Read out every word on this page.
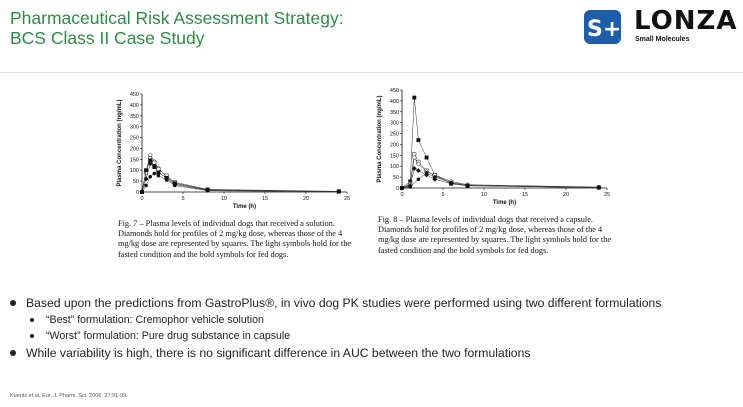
Pharmaceutical Risk Assessment Strategy:
BCS Class II Case Study	S+ LONZA
Small Molecules
0
50
100
150
200
250
300
350
400
450
0	5	10	15	20	25
Time (h)
Plasma Concentration (ng/mL)
Fig. 7 – Plasma levels of individual dogs that received a solution. Diamonds hold for profiles of 2 mg/kg dose, whereas those of the 4 mg/kg dose are represented by squares. The light symbols hold for the fasted condition and the bold symbols for fed dogs.
0
50
100
150
200
250
300
350
400
450
0	5	10	15	20	25
Time (h)
Plasma Concentration (ng/mL)
Fig. 8 – Plasma levels of individual dogs that received a capsule. Diamonds hold for profiles of 2 mg/kg dose, whereas those of the 4 mg/kg dose are represented by squares. The light symbols hold for the fasted condition and the bold symbols for fed dogs.
Based upon the predictions from GastroPlus®, in vivo dog PK studies were performed using two different formulations
“Best” formulation: Cremophor vehicle solution
“Worst” formulation: Pure drug substance in capsule
While variability is high, there is no significant difference in AUC between the two formulations
Kuentz et al. Eur. J. Pharm. Sci. 2006, 27:91-99.
